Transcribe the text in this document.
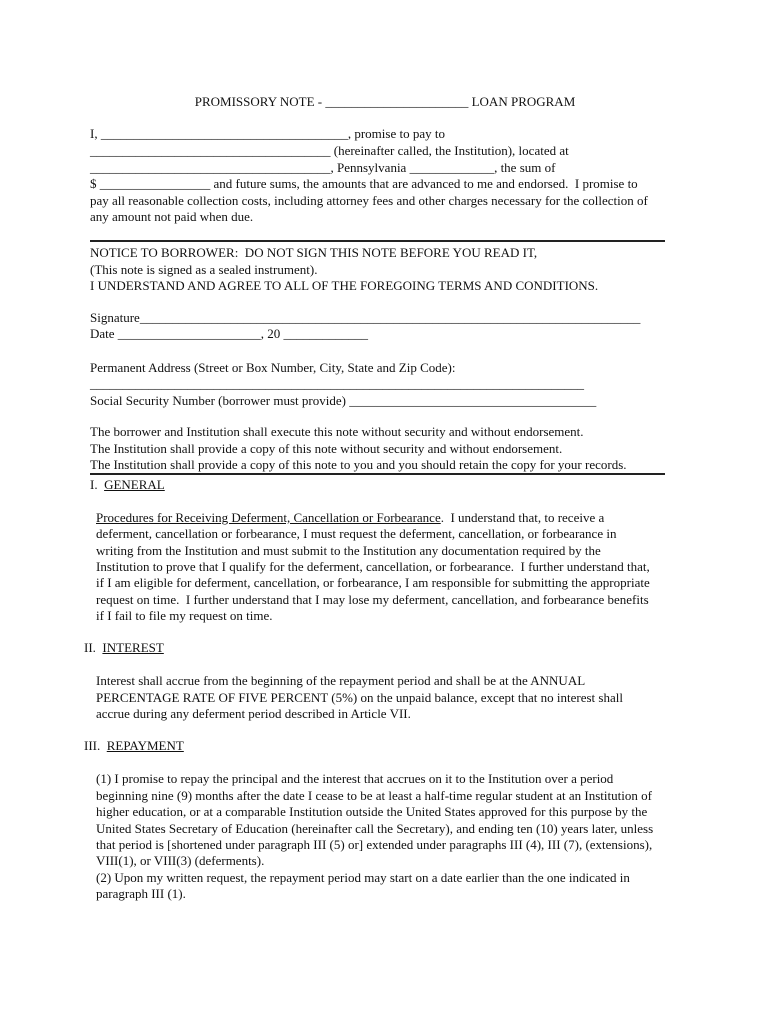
PROMISSORY NOTE - ______________________ LOAN PROGRAM
I, ______________________________________, promise to pay to
_____________________________________ (hereinafter called, the Institution), located at
_____________________________________, Pennsylvania _____________, the sum of
$ _________________ and future sums, the amounts that are advanced to me and endorsed.  I promise to
pay all reasonable collection costs, including attorney fees and other charges necessary for the collection of
any amount not paid when due.
NOTICE TO BORROWER:  DO NOT SIGN THIS NOTE BEFORE YOU READ IT,
(This note is signed as a sealed instrument).
I UNDERSTAND AND AGREE TO ALL OF THE FOREGOING TERMS AND CONDITIONS.
Signature_____________________________________________________________________________
Date ______________________, 20 _____________
Permanent Address (Street or Box Number, City, State and Zip Code):
____________________________________________________________________________
Social Security Number (borrower must provide) ______________________________________
The borrower and Institution shall execute this note without security and without endorsement.
The Institution shall provide a copy of this note without security and without endorsement.
The Institution shall provide a copy of this note to you and you should retain the copy for your records.
I.  GENERAL
Procedures for Receiving Deferment, Cancellation or Forbearance.  I understand that, to receive a
deferment, cancellation or forbearance, I must request the deferment, cancellation, or forbearance in
writing from the Institution and must submit to the Institution any documentation required by the
Institution to prove that I qualify for the deferment, cancellation, or forbearance.  I further understand that,
if I am eligible for deferment, cancellation, or forbearance, I am responsible for submitting the appropriate
request on time.  I further understand that I may lose my deferment, cancellation, and forbearance benefits
if I fail to file my request on time.
II.  INTEREST
Interest shall accrue from the beginning of the repayment period and shall be at the ANNUAL
PERCENTAGE RATE OF FIVE PERCENT (5%) on the unpaid balance, except that no interest shall
accrue during any deferment period described in Article VII.
III.  REPAYMENT
(1) I promise to repay the principal and the interest that accrues on it to the Institution over a period
beginning nine (9) months after the date I cease to be at least a half-time regular student at an Institution of
higher education, or at a comparable Institution outside the United States approved for this purpose by the
United States Secretary of Education (hereinafter call the Secretary), and ending ten (10) years later, unless
that period is [shortened under paragraph III (5) or] extended under paragraphs III (4), III (7), (extensions),
VIII(1), or VIII(3) (deferments).
(2) Upon my written request, the repayment period may start on a date earlier than the one indicated in
paragraph III (1).
